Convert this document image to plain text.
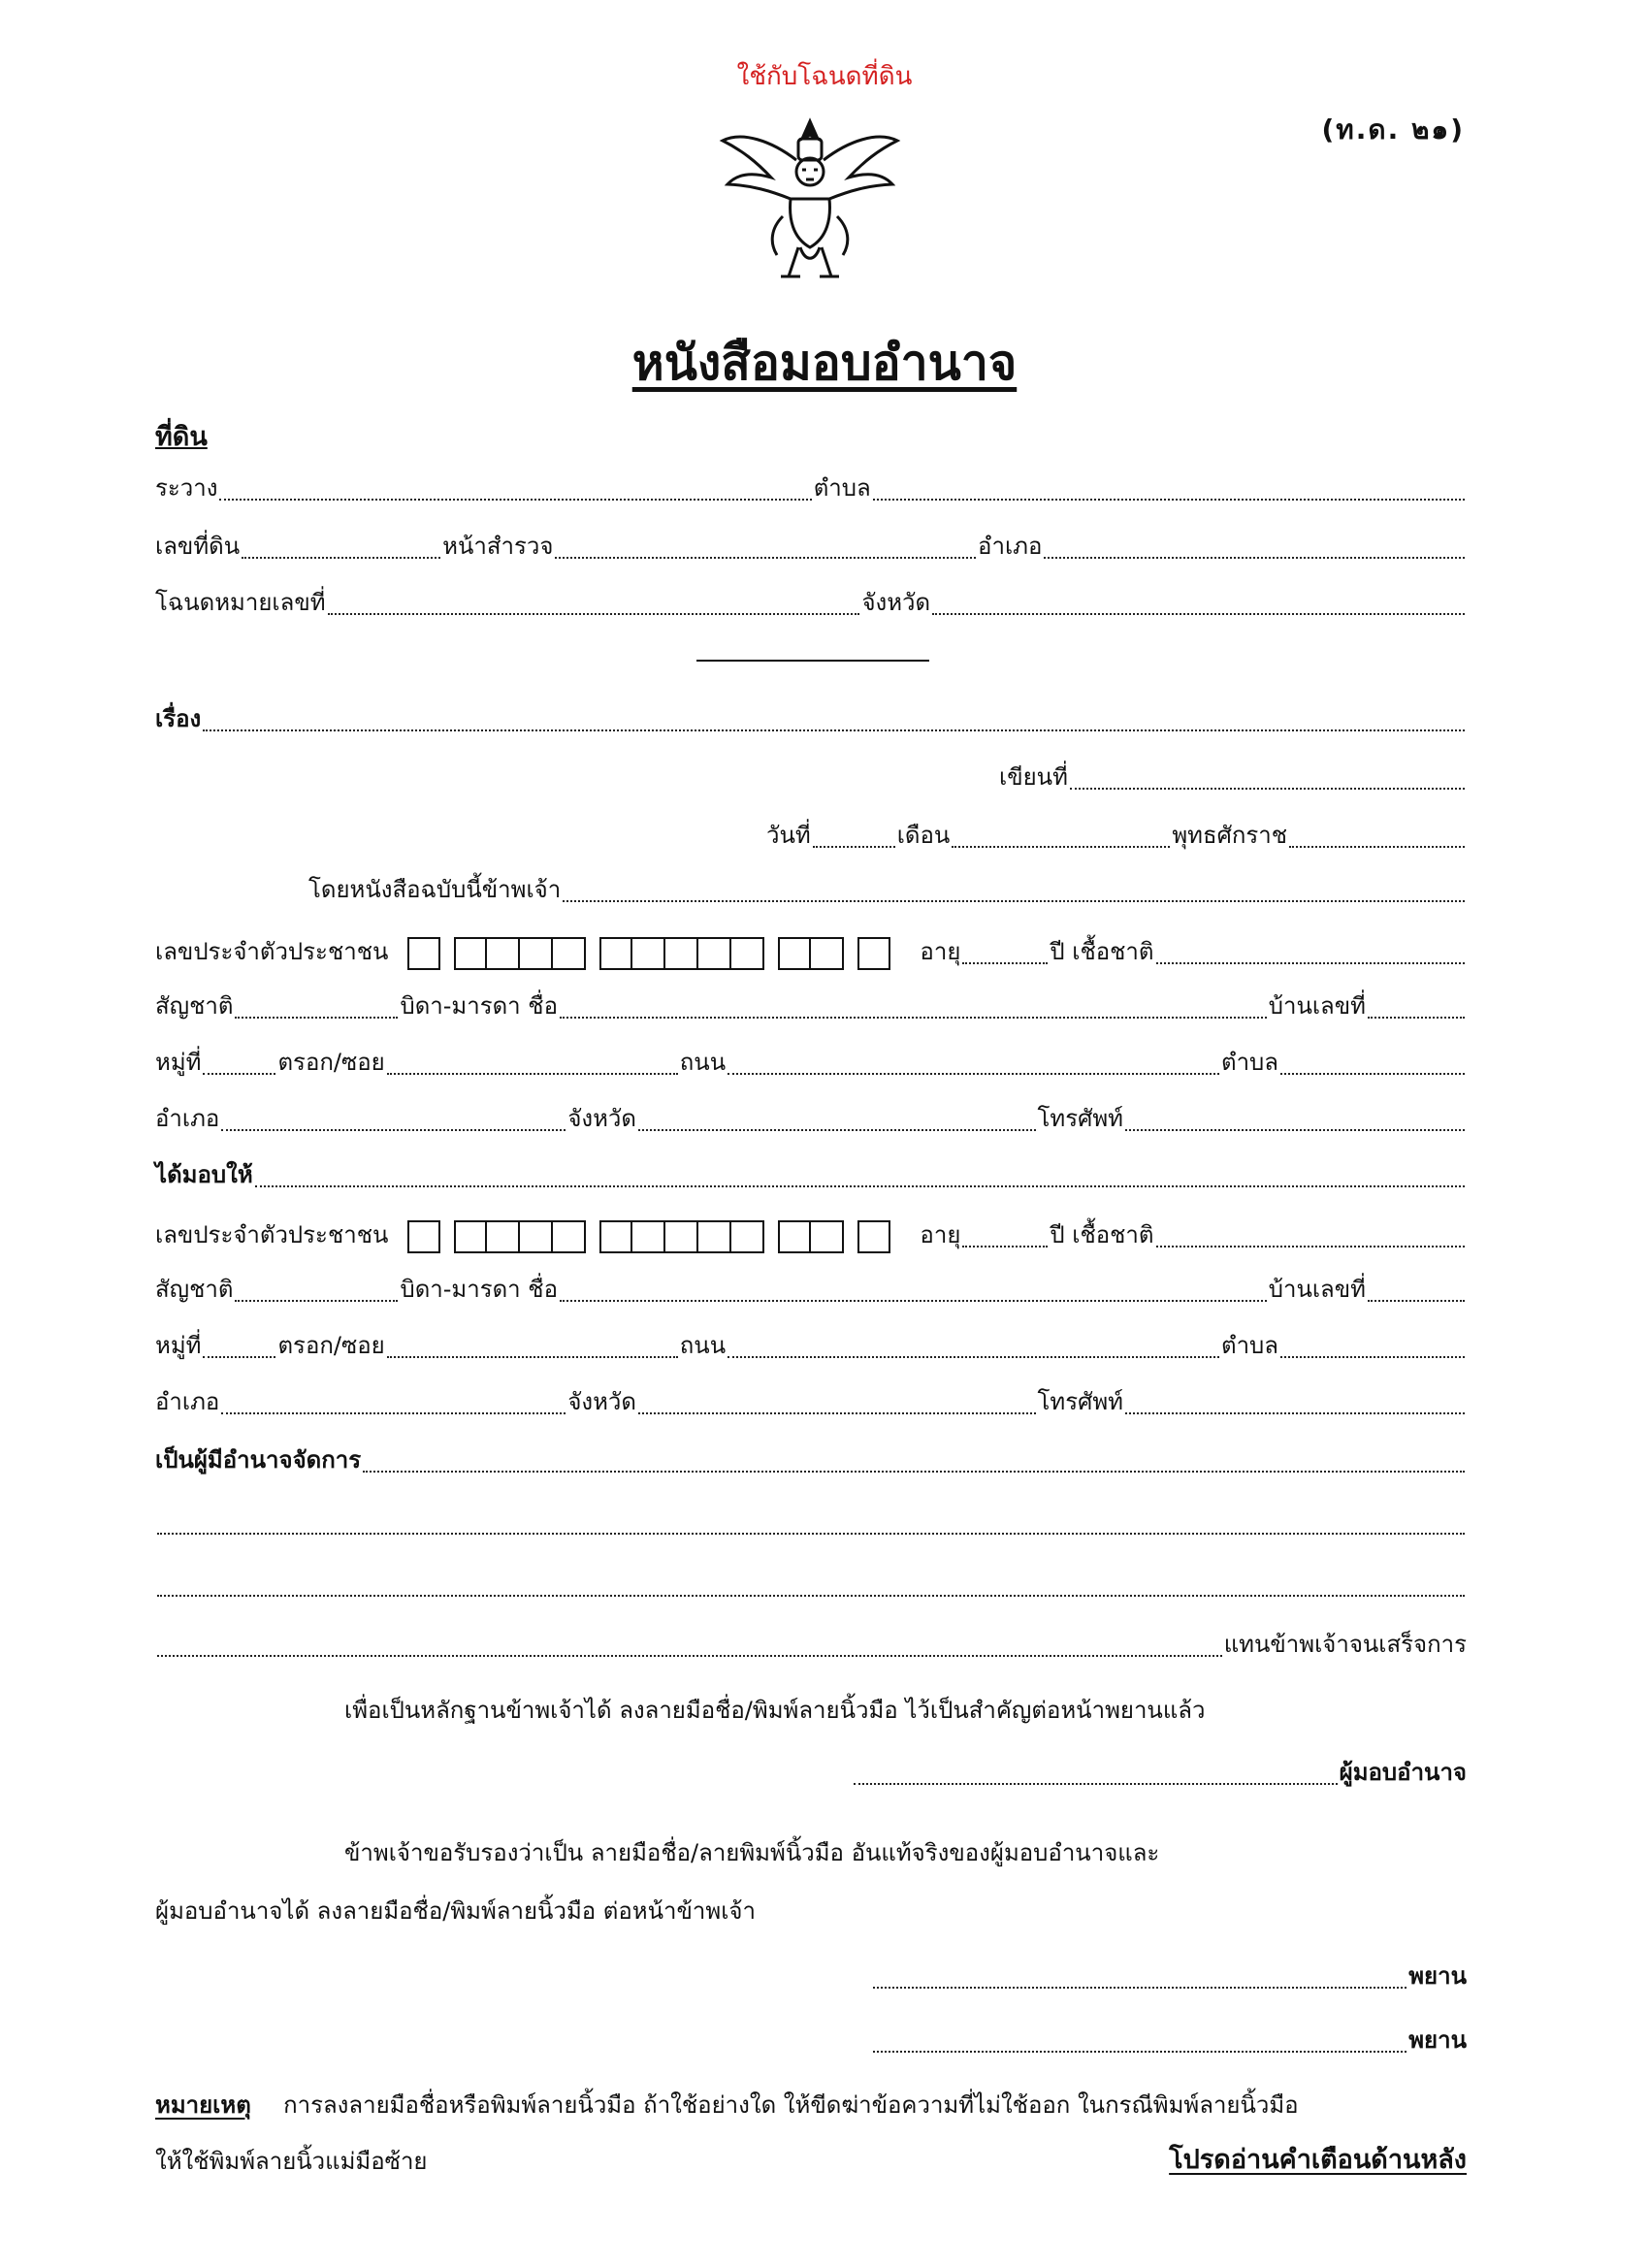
ใช้กับโฉนดที่ดิน
(ท.ด. ๒๑)
หนังสือมอบอำนาจ
ที่ดิน
ระวาง	ตำบล
เลขที่ดิน	หน้าสำรวจ	อำเภอ
โฉนดหมายเลขที่	จังหวัด
เรื่อง
เขียนที่
วันที่	เดือน	พุทธศักราช
โดยหนังสือฉบับนี้ข้าพเจ้า
เลขประจำตัวประชาชน	อายุ	ปี เชื้อชาติ
สัญชาติ	บิดา-มารดา ชื่อ	บ้านเลขที่
หมู่ที่	ตรอก/ซอย	ถนน	ตำบล
อำเภอ	จังหวัด	โทรศัพท์
ได้มอบให้
เลขประจำตัวประชาชน	อายุ	ปี เชื้อชาติ
สัญชาติ	บิดา-มารดา ชื่อ	บ้านเลขที่
หมู่ที่	ตรอก/ซอย	ถนน	ตำบล
อำเภอ	จังหวัด	โทรศัพท์
เป็นผู้มีอำนาจจัดการ
แทนข้าพเจ้าจนเสร็จการ
เพื่อเป็นหลักฐานข้าพเจ้าได้ ลงลายมือชื่อ/พิมพ์ลายนิ้วมือ ไว้เป็นสำคัญต่อหน้าพยานแล้ว
ผู้มอบอำนาจ
ข้าพเจ้าขอรับรองว่าเป็น ลายมือชื่อ/ลายพิมพ์นิ้วมือ อันแท้จริงของผู้มอบอำนาจและ
ผู้มอบอำนาจได้ ลงลายมือชื่อ/พิมพ์ลายนิ้วมือ ต่อหน้าข้าพเจ้า
พยาน
พยาน
หมายเหตุ การลงลายมือชื่อหรือพิมพ์ลายนิ้วมือ ถ้าใช้อย่างใด ให้ขีดฆ่าข้อความที่ไม่ใช้ออก ในกรณีพิมพ์ลายนิ้วมือ
ให้ใช้พิมพ์ลายนิ้วแม่มือซ้าย	โปรดอ่านคำเตือนด้านหลัง
